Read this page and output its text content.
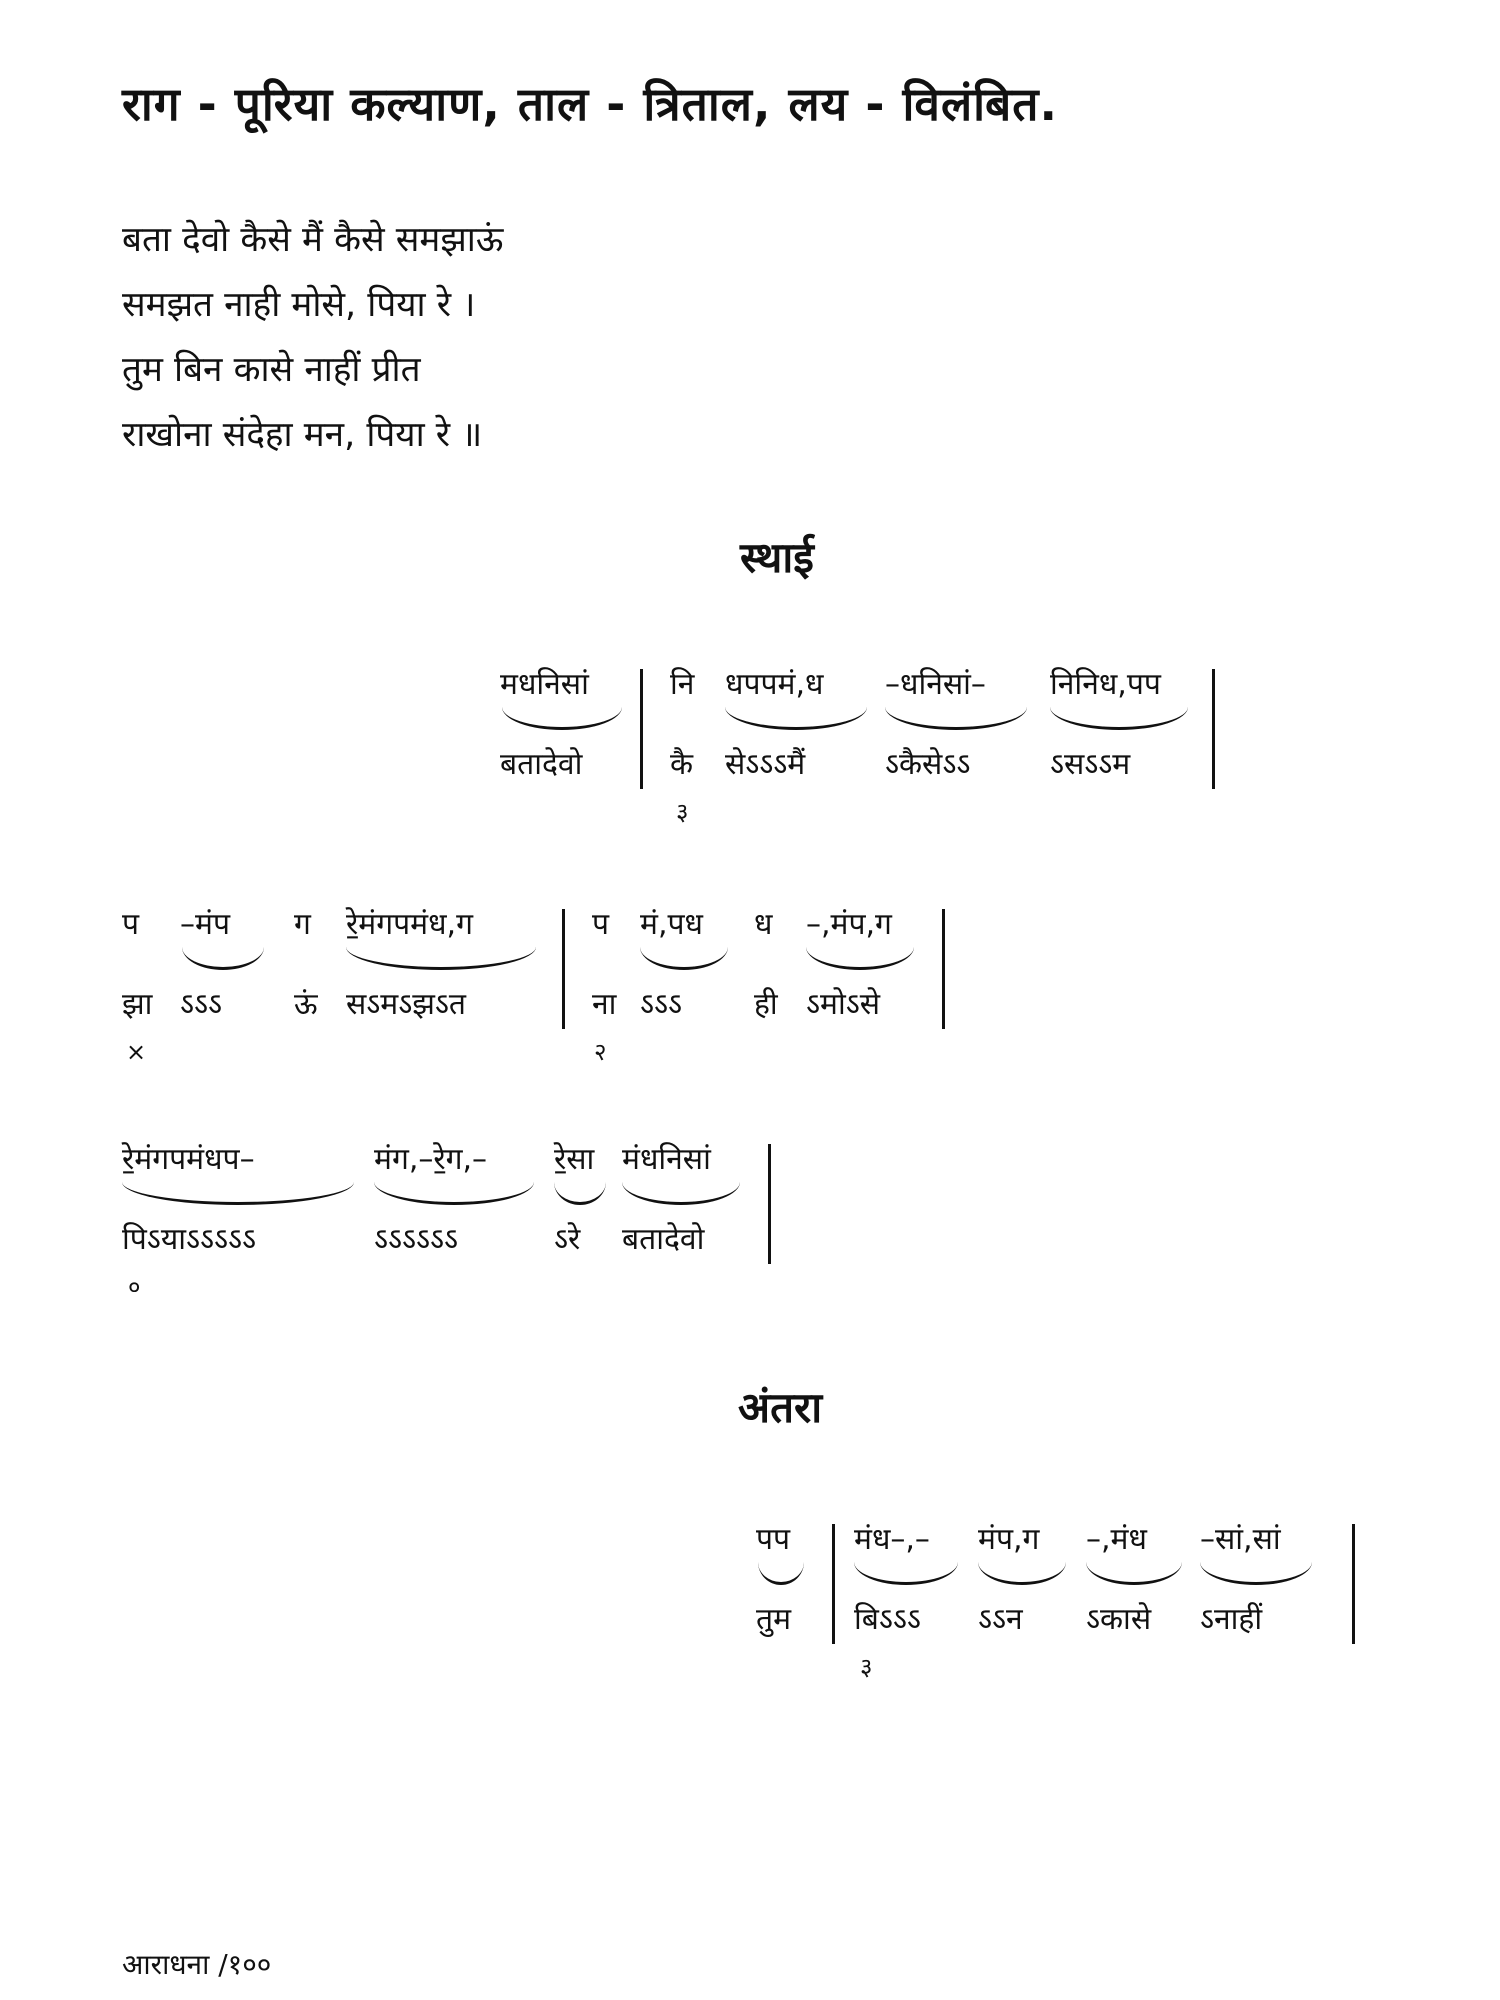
राग - पूरिया कल्याण, ताल - त्रिताल, लय - विलंबित.
बता देवो कैसे मैं कैसे समझाऊं
समझत नाही मोसे, पिया रे ।
तुम बिन कासे नाहीं प्रीत
राखोना संदेहा मन, पिया रे ॥
स्थाई
मधनिसां
बतादेवो
नि
कै
धपपमं,ध
सेऽऽऽमैं
–धनिसां–
ऽकैसेऽऽ
निनिध,पप
ऽसऽऽम
३
प
झा
–मंप
ऽऽऽ
ग
ऊं
रे॒मंगपमंध,ग
सऽमऽझऽत
प
ना
मं,पध
ऽऽऽ
ध
ही
–,मंप,ग
ऽमोऽसे
×	२
रे॒मंगपमंधप–
पिऽयाऽऽऽऽऽ
मंग,–रे॒ग,–
ऽऽऽऽऽऽ
रे॒सा
ऽरे
मंधनिसां
बतादेवो
०
अंतरा
पप
तुम
मंध–,–
बिऽऽऽ
मंप,ग
ऽऽन
–,मंध
ऽकासे
–सां,सां
ऽनाहीं
३
आराधना /१००
